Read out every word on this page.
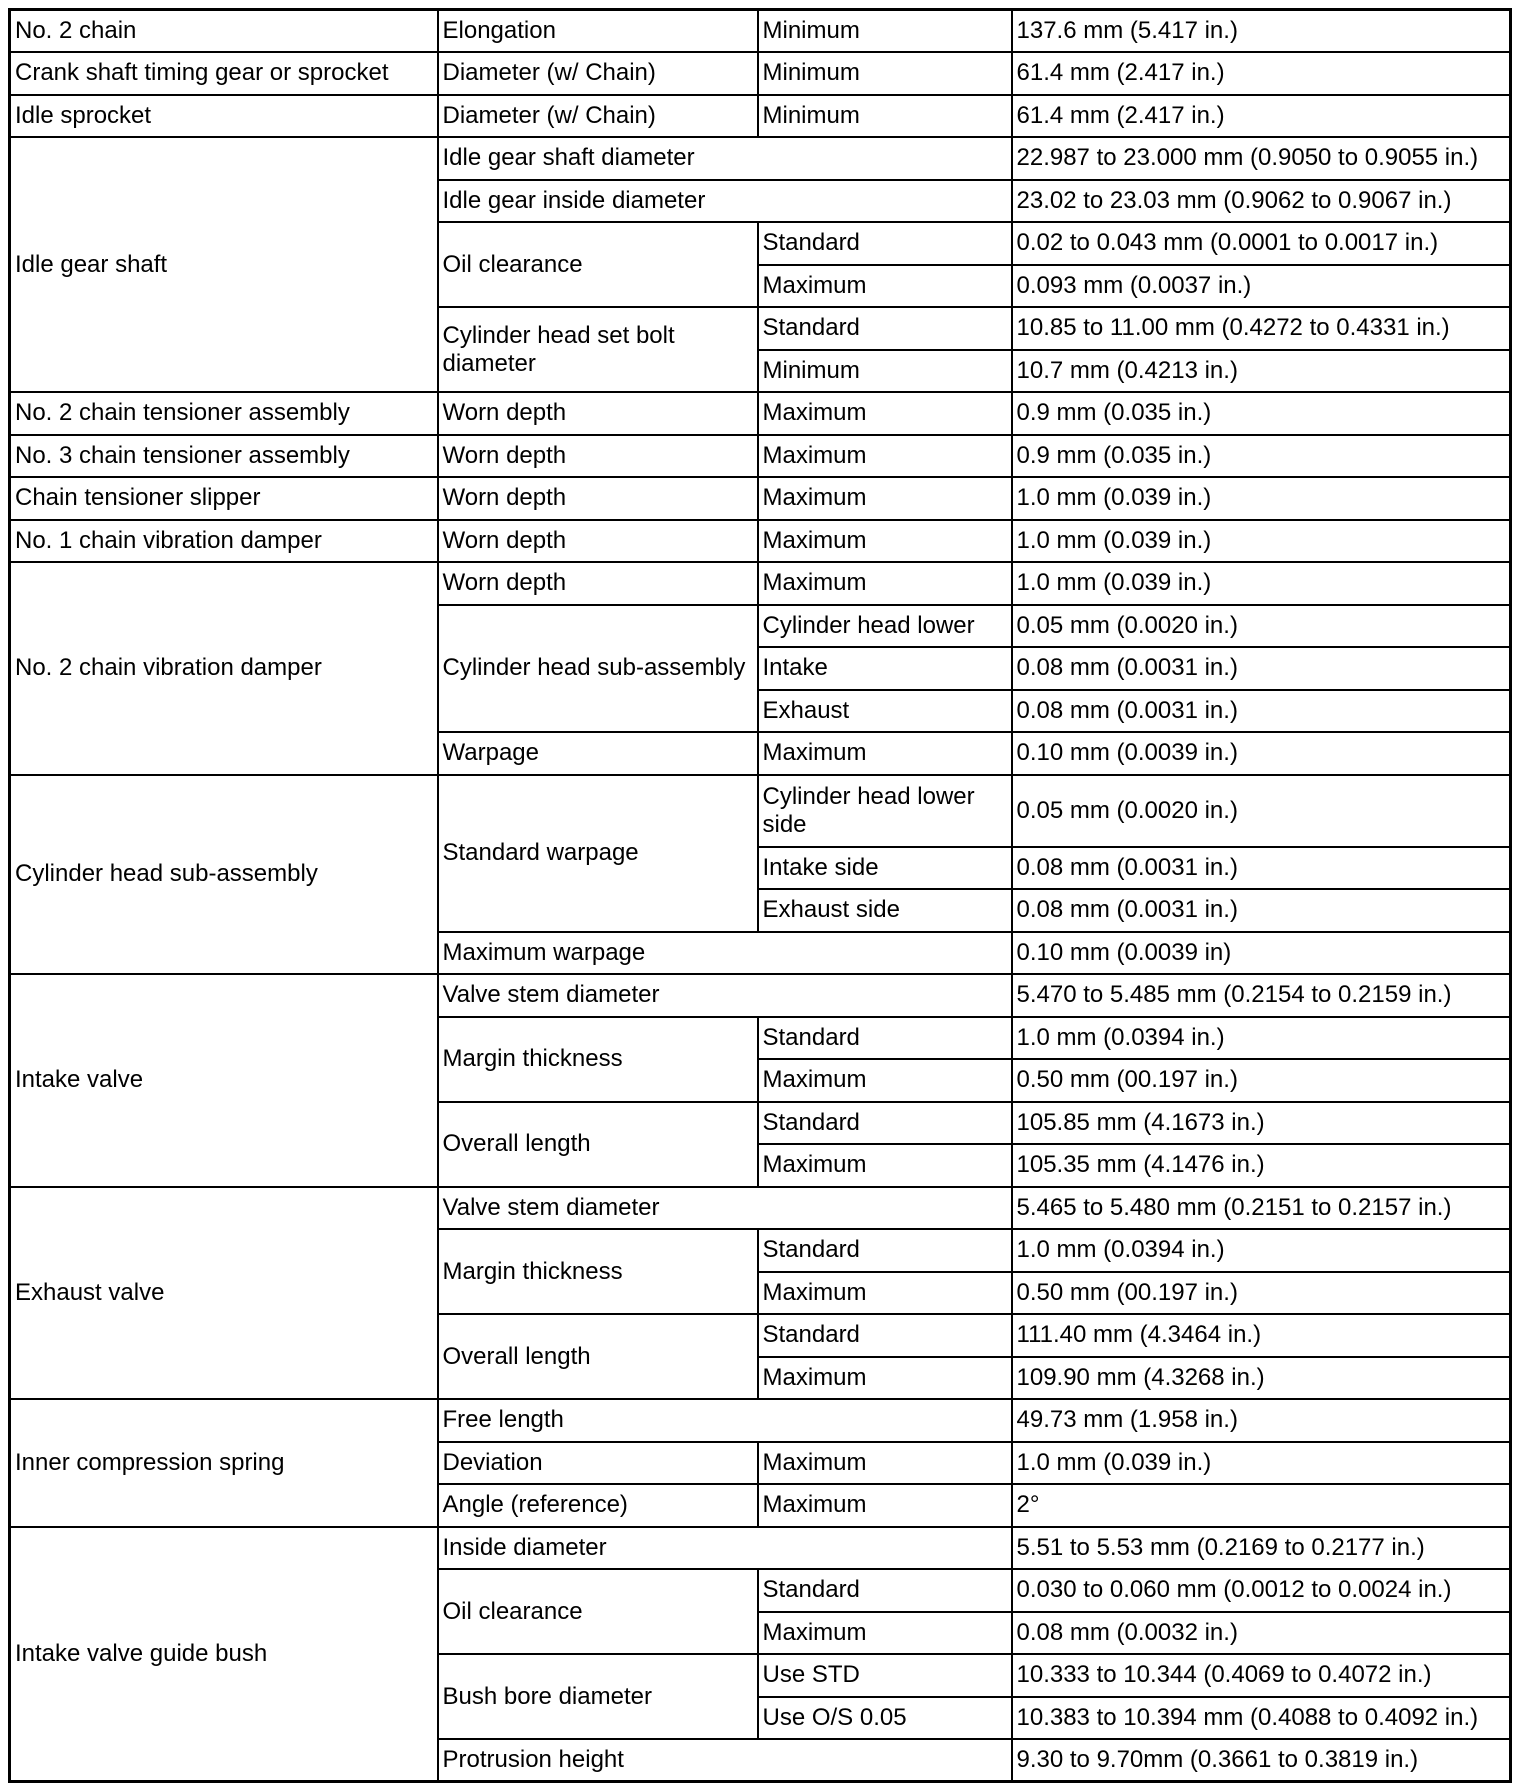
No. 2 chain	Elongation	Minimum	137.6 mm (5.417 in.)
Crank shaft timing gear or sprocket	Diameter (w/ Chain)	Minimum	61.4 mm (2.417 in.)
Idle sprocket	Diameter (w/ Chain)	Minimum	61.4 mm (2.417 in.)
Idle gear shaft	Idle gear shaft diameter		22.987 to 23.000 mm (0.9050 to 0.9055 in.)
	Idle gear inside diameter		23.02 to 23.03 mm (0.9062 to 0.9067 in.)
	Oil clearance	Standard	0.02 to 0.043 mm (0.0001 to 0.0017 in.)
		Maximum	0.093 mm (0.0037 in.)
	Cylinder head set bolt diameter	Standard	10.85 to 11.00 mm (0.4272 to 0.4331 in.)
		Minimum	10.7 mm (0.4213 in.)
No. 2 chain tensioner assembly	Worn depth	Maximum	0.9 mm (0.035 in.)
No. 3 chain tensioner assembly	Worn depth	Maximum	0.9 mm (0.035 in.)
Chain tensioner slipper	Worn depth	Maximum	1.0 mm (0.039 in.)
No. 1 chain vibration damper	Worn depth	Maximum	1.0 mm (0.039 in.)
No. 2 chain vibration damper	Worn depth	Maximum	1.0 mm (0.039 in.)
	Cylinder head sub-assembly	Cylinder head lower	0.05 mm (0.0020 in.)
		Intake	0.08 mm (0.0031 in.)
		Exhaust	0.08 mm (0.0031 in.)
	Warpage	Maximum	0.10 mm (0.0039 in.)
Cylinder head sub-assembly	Standard warpage	Cylinder head lower side	0.05 mm (0.0020 in.)
		Intake side	0.08 mm (0.0031 in.)
		Exhaust side	0.08 mm (0.0031 in.)
	Maximum warpage		0.10 mm (0.0039 in)
Intake valve	Valve stem diameter		5.470 to 5.485 mm (0.2154 to 0.2159 in.)
	Margin thickness	Standard	1.0 mm (0.0394 in.)
		Maximum	0.50 mm (00.197 in.)
	Overall length	Standard	105.85 mm (4.1673 in.)
		Maximum	105.35 mm (4.1476 in.)
Exhaust valve	Valve stem diameter		5.465 to 5.480 mm (0.2151 to 0.2157 in.)
	Margin thickness	Standard	1.0 mm (0.0394 in.)
		Maximum	0.50 mm (00.197 in.)
	Overall length	Standard	111.40 mm (4.3464 in.)
		Maximum	109.90 mm (4.3268 in.)
Inner compression spring	Free length		49.73 mm (1.958 in.)
	Deviation	Maximum	1.0 mm (0.039 in.)
	Angle (reference)	Maximum	2°
Intake valve guide bush	Inside diameter		5.51 to 5.53 mm (0.2169 to 0.2177 in.)
	Oil clearance	Standard	0.030 to 0.060 mm (0.0012 to 0.0024 in.)
		Maximum	0.08 mm (0.0032 in.)
	Bush bore diameter	Use STD	10.333 to 10.344 (0.4069 to 0.4072 in.)
		Use O/S 0.05	10.383 to 10.394 mm (0.4088 to 0.4092 in.)
	Protrusion height		9.30 to 9.70mm (0.3661 to 0.3819 in.)
